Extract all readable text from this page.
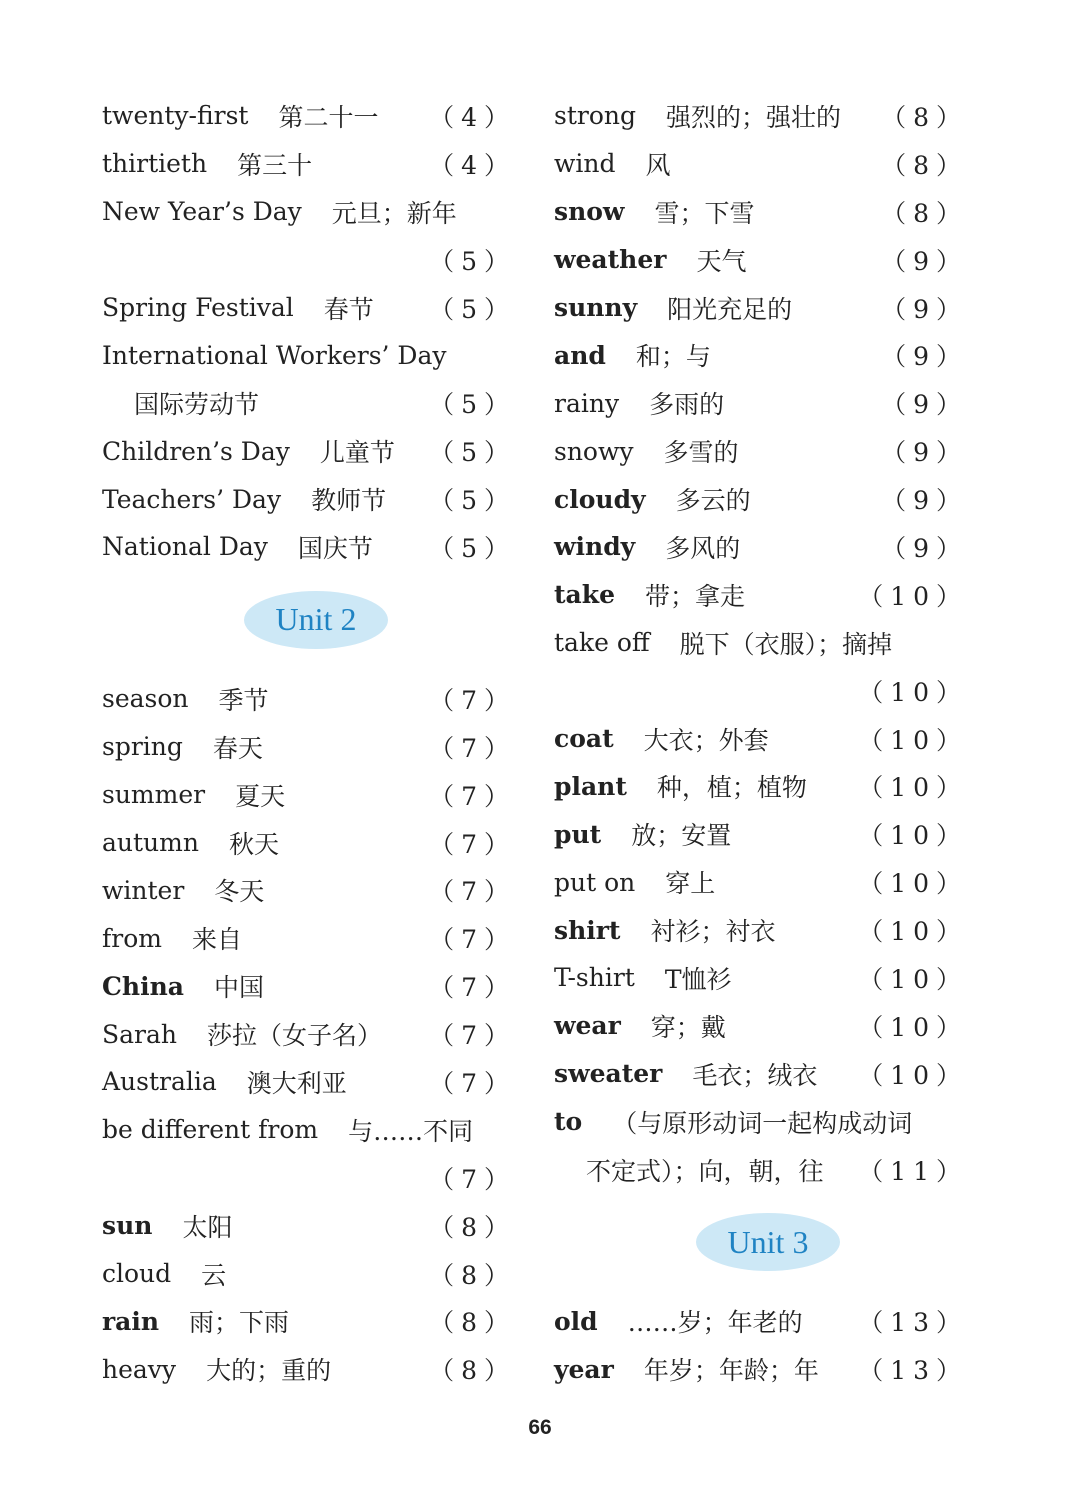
twenty-first 第二十一 （4）
thirtieth 第三十	（4）
New Year’s Day 元旦；新年
（5）
Spring Festival 春节 （5）
International Workers’ Day
国际劳动节	（5）
Children’s Day 儿童节 （5）
Teachers’ Day 教师节 （5）
National Day 国庆节 （5）
Unit 2
season 季节	（7）
spring 春天	（7）
summer 夏天	（7）
autumn 秋天	（7）
winter 冬天	（7）
from 来自	（7）
China 中国	（7）
Sarah 莎拉（女子名） （7）
Australia 澳大利亚	（7）
be different from 与……不同
（7）
sun 太阳	（8）
cloud 云	（8）
rain 雨；下雨	（8）
heavy 大的；重的	（8）
strong 强烈的；强壮的 （8）
wind 风	（8）
snow 雪；下雪	（8）
weather 天气	（9）
sunny 阳光充足的	（9）
and 和；与	（9）
rainy 多雨的	（9）
snowy 多雪的	（9）
cloudy 多云的	（9）
windy 多风的	（9）
take 带；拿走	（10）
take off 脱下（衣服）；摘掉
（10）
coat 大衣；外套	（10）
plant 种，植；植物 （10）
put 放；安置	（10）
put on 穿上	（10）
shirt 衬衫；衬衣	（10）
T-shirt T恤衫	（10）
wear 穿；戴	（10）
sweater 毛衣；绒衣 （10）
to （与原形动词一起构成动词
不定式）；向，朝，往 （11）
Unit 3
old ……岁；年老的 （13）
year 年岁；年龄；年 （13）
66
